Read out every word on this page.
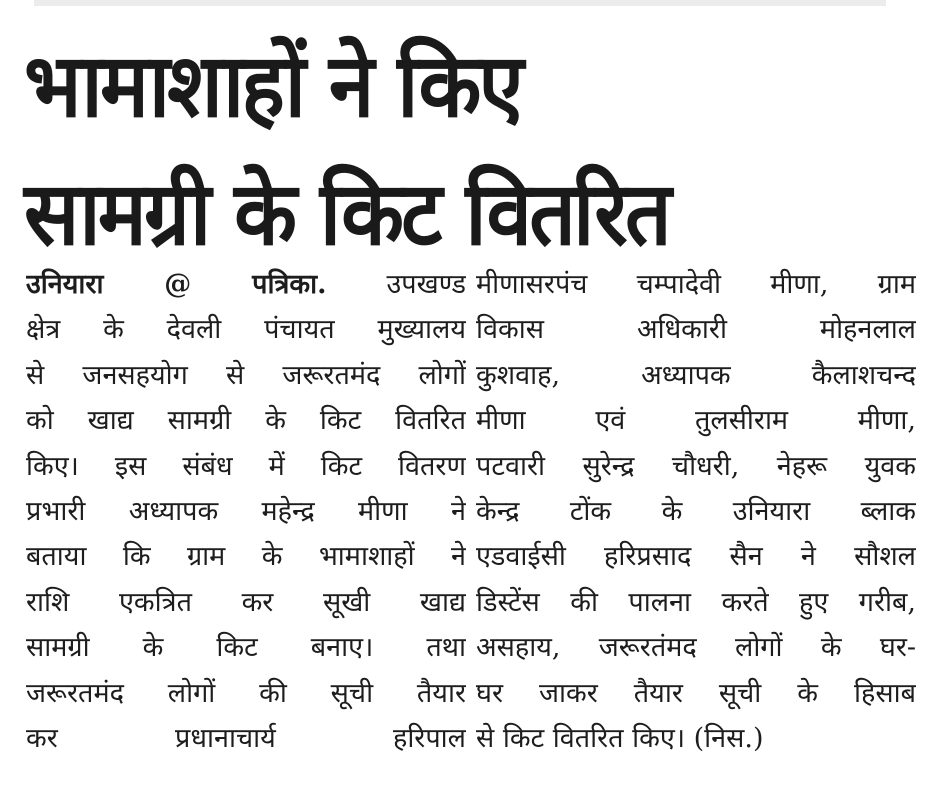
भामाशाहों ने किए
सामग्री के किट वितरित
उनियारा @ पत्रिका. उपखण्ड
क्षेत्र के देवली पंचायत मुख्यालय
से जनसहयोग से जरूरतमंद लोगों
को खाद्य सामग्री के किट वितरित
किए। इस संबंध में किट वितरण
प्रभारी अध्यापक महेन्द्र मीणा ने
बताया कि ग्राम के भामाशाहों ने
राशि एकत्रित कर सूखी खाद्य
सामग्री के किट बनाए। तथा
जरूरतमंद लोगों की सूची तैयार
कर प्रधानाचार्य हरिपाल
मीणासरपंच चम्पादेवी मीणा, ग्राम
विकास अधिकारी मोहनलाल
कुशवाह, अध्यापक कैलाशचन्द
मीणा एवं तुलसीराम मीणा,
पटवारी सुरेन्द्र चौधरी, नेहरू युवक
केन्द्र टोंक के उनियारा ब्लाक
एडवाईसी हरिप्रसाद सैन ने सौशल
डिस्टेंस की पालना करते हुए गरीब,
असहाय, जरूरतंमद लोगों के घर-
घर जाकर तैयार सूची के हिसाब
से किट वितरित किए। (निस.)
